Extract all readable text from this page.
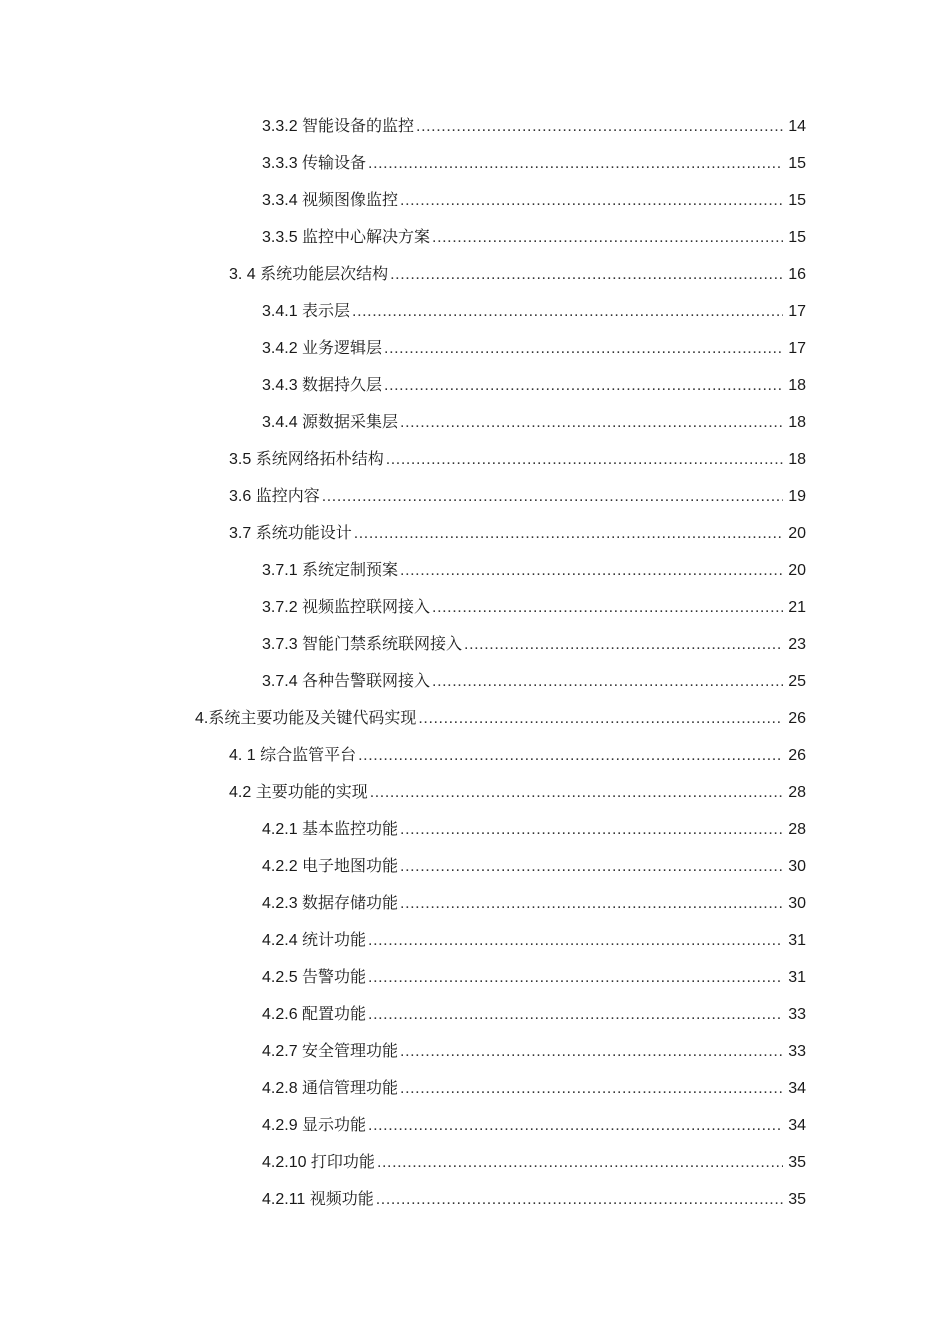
3.3.2 智能设备的监控 .....	14
3.3.3 传输设备 .....	15
3.3.4 视频图像监控 .....	15
3.3.5 监控中心解决方案 .....	15
3. 4 系统功能层次结构 .....	16
3.4.1 表示层 .....	17
3.4.2 业务逻辑层 .....	17
3.4.3 数据持久层 .....	18
3.4.4 源数据采集层 .....	18
3.5 系统网络拓朴结构 .....	18
3.6 监控内容 .....	19
3.7 系统功能设计 .....	20
3.7.1 系统定制预案 .....	20
3.7.2 视频监控联网接入 .....	21
3.7.3 智能门禁系统联网接入 .....	23
3.7.4 各种告警联网接入 .....	25
4.系统主要功能及关键代码实现 .....	26
4. 1 综合监管平台 .....	26
4.2 主要功能的实现 .....	28
4.2.1 基本监控功能 .....	28
4.2.2 电子地图功能 .....	30
4.2.3 数据存储功能 .....	30
4.2.4 统计功能 .....	31
4.2.5 告警功能 .....	31
4.2.6 配置功能 .....	33
4.2.7 安全管理功能 .....	33
4.2.8 通信管理功能 .....	34
4.2.9 显示功能 .....	34
4.2.10 打印功能 .....	35
4.2.11 视频功能 .....	35
